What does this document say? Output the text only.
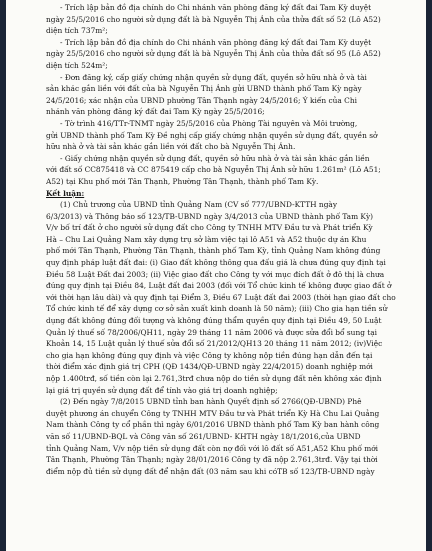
- Trích lập bản đồ địa chính do Chi nhánh văn phòng đăng ký đất đai Tam Kỳ duyệt
ngày 25/5/2016 cho người sử dụng đất là bà Nguyễn Thị Ánh của thửa đất số 52 (Lô A52)
diện tích 737m²;
- Trích lập bản đồ địa chính do Chi nhánh văn phòng đăng ký đất đai Tam Kỳ duyệt
ngày 25/5/2016 cho người sử dụng đất là bà Nguyễn Thị Ánh của thửa đất số 95 (Lô A52)
diện tích 524m²;
- Đơn đăng ký, cấp giấy chứng nhận quyền sử dụng đất, quyền sở hữu nhà ở và tài
sản khác gắn liền với đất của bà Nguyễn Thị Ánh gửi UBND thành phố Tam Kỳ ngày
24/5/2016; xác nhận của UBND phường Tân Thạnh ngày 24/5/2016; Ý kiến của Chi
nhánh văn phòng đăng ký đất đai Tam Kỳ ngày 25/5/2016;
- Tờ trình 416/TTr-TNMT ngày 25/5/2016 của Phòng Tài nguyên và Môi trường,
gửi UBND thành phố Tam Kỳ Đề nghị cấp giấy chứng nhận quyền sử dụng đất, quyền sở
hữu nhà ở và tài sản khác gắn liền với đất cho bà Nguyễn Thị Ánh.
- Giấy chứng nhận quyền sử dụng đất, quyền sở hữu nhà ở và tài sản khác gắn liền
với đất số CC875418 và CC 875419 cấp cho bà Nguyễn Thị Ánh sử hữu 1.261m² (Lô A51;
A52) tại Khu phố mới Tân Thạnh, Phường Tân Thạnh, thành phố Tam Kỳ.
Kết luận:
(1) Chủ trương của UBND tỉnh Quảng Nam (CV số 777/UBND-KTTH ngày
6/3/2013) và Thông báo số 123/TB-UBND ngày 3/4/2013 của UBND thành phố Tam Kỳ)
V/v bố trí đất ở cho người sử dụng đất cho Công ty TNHH MTV Đầu tư và Phát triển Kỳ
Hà – Chu Lai Quảng Nam xây dựng trụ sở làm việc tại lô A51 và A52 thuộc dự án Khu
phố mới Tân Thạnh, Phường Tân Thạnh, thành phố Tam Kỳ, tỉnh Quảng Nam không đúng
quy định pháp luật đất đai: (i) Giao đất không thông qua đấu giá là chưa đúng quy định tại
Điều 58 Luật Đất đai 2003; (ii) Việc giao đất cho Công ty với mục đích đất ở đô thị là chưa
đúng quy định tại Điều 84, Luật đất đai 2003 (đối với Tổ chức kinh tế không được giao đất ở
với thời hạn lâu dài) và quy định tại Điểm 3, Điều 67 Luật đất đai 2003 (thời hạn giao đất cho
Tổ chức kinh tế để xây dựng cơ sở sản xuất kinh doanh là 50 năm); (iii) Cho gia hạn tiền sử
dụng đất không đúng đối tượng và không đúng thẩm quyền quy định tại Điều 49, 50 Luật
Quản lý thuế số 78/2006/QH11, ngày 29 tháng 11 năm 2006 và được sửa đổi bổ sung tại
Khoản 14, 15 Luật quản lý thuế sửa đổi số 21/2012/QH13 20 tháng 11 năm 2012; (iv)Việc
cho gia hạn không đúng quy định và việc Công ty không nộp tiền đúng hạn dẫn đến tại
thời điểm xác định giá trị CPH (QĐ 1434/QĐ-UBND ngày 22/4/2015) doanh nghiệp mới
nộp 1.400trđ, số tiền còn lại 2.761,3trđ chưa nộp do tiền sử dụng đất nên không xác định
lại giá trị quyền sử dụng đất để tính vào giá trị doanh nghiệp;
(2) Đến ngày 7/8/2015 UBND tỉnh ban hành Quyết định số 2766(QĐ-UBND) Phê
duyệt phương án chuyển Công ty TNHH MTV Đầu tư và Phát triển Kỳ Hà Chu Lai Quảng
Nam thành Công ty cổ phần thì ngày 6/01/2016 UBND thành phố Tam Kỳ ban hành công
văn số 11/UBND-BQL và Công văn số 261/UBND- KHTH ngày 18/1/2016,của UBND
tỉnh Quảng Nam, V/v nộp tiền sử dụng đất còn nợ đối với lô đất số A51,A52 Khu phố mới
Tân Thạnh, Phường Tân Thạnh; ngày 28/01/2016 Công ty đã nộp 2.761,3trđ. Vậy tại thời
điểm nộp đủ tiền sử dụng đất để nhận đất (03 năm sau khi cóTB số 123/TB-UBND ngày
